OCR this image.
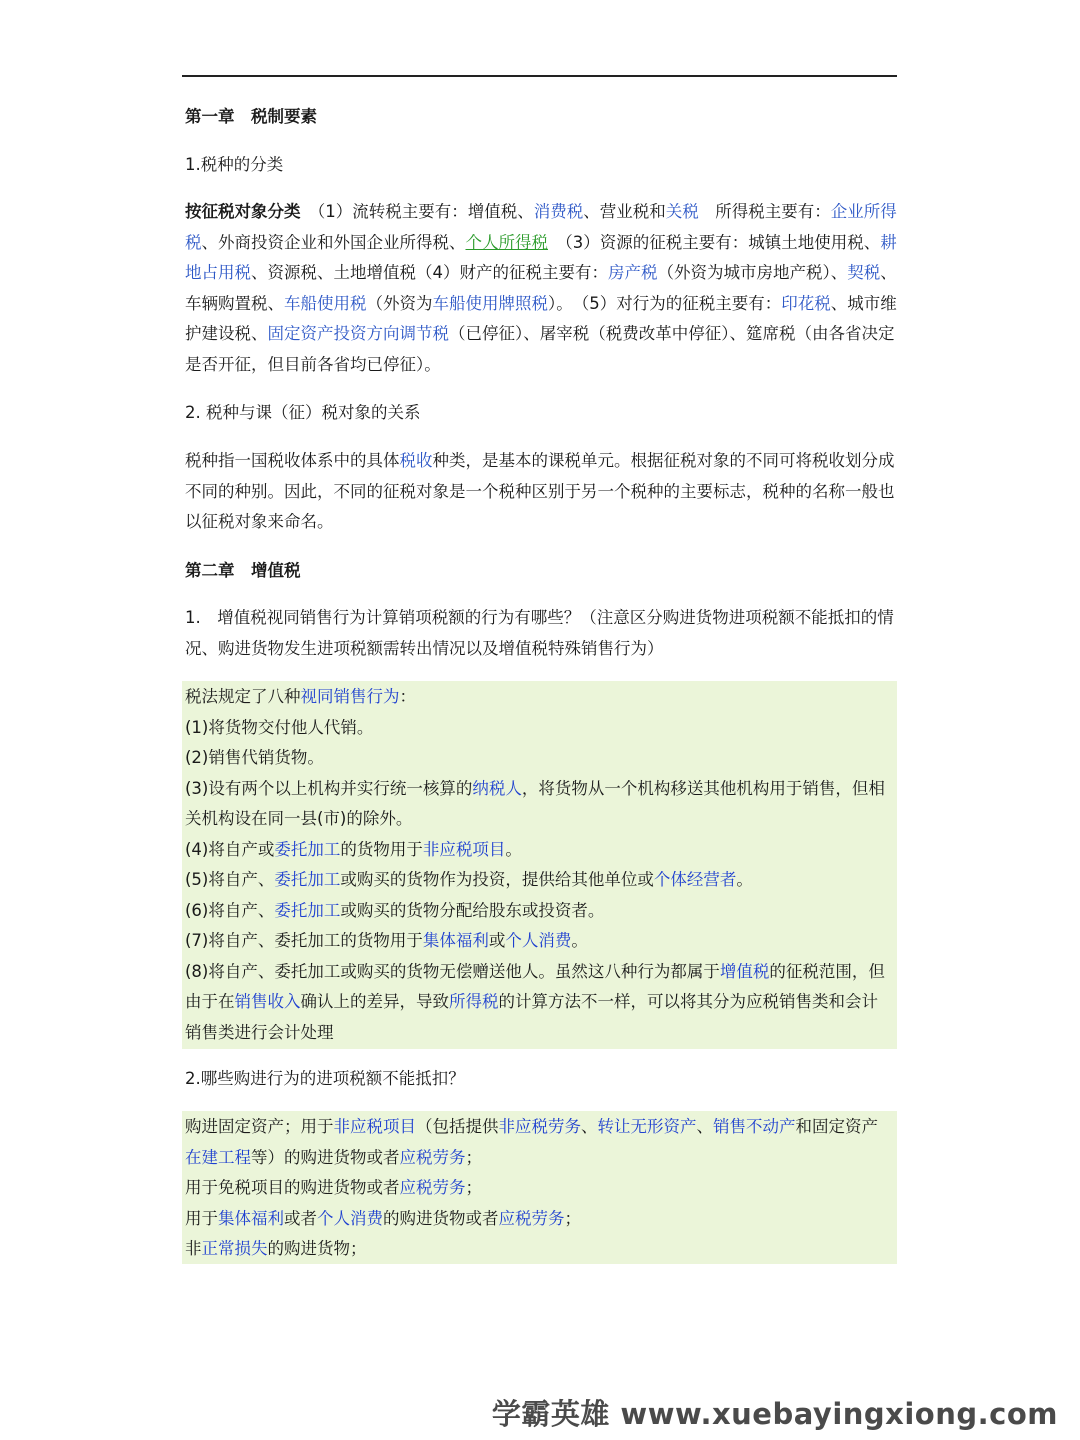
第一章　税制要素
1.税种的分类
按征税对象分类　（1）流转税主要有：增值税、消费税、营业税和关税　所得税主要有：企业所得税、外商投资企业和外国企业所得税、个人所得税　（3）资源的征税主要有：城镇土地使用税、耕地占用税、资源税、土地增值税（4）财产的征税主要有：房产税（外资为城市房地产税）、契税、车辆购置税、车船使用税（外资为车船使用牌照税）。　（5）对行为的征税主要有：印花税、城市维护建设税、固定资产投资方向调节税（已停征）、屠宰税（税费改革中停征）、筵席税（由各省决定是否开征，但目前各省均已停征）。
2. 税种与课（征）税对象的关系
税种指一国税收体系中的具体税收种类，是基本的课税单元。根据征税对象的不同可将税收划分成不同的种别。因此，不同的征税对象是一个税种区别于另一个税种的主要标志，税种的名称一般也以征税对象来命名。
第二章　增值税
1.　增值税视同销售行为计算销项税额的行为有哪些？（注意区分购进货物进项税额不能抵扣的情况、购进货物发生进项税额需转出情况以及增值税特殊销售行为）
税法规定了八种视同销售行为：
(1)将货物交付他人代销。
(2)销售代销货物。
(3)设有两个以上机构并实行统一核算的纳税人，将货物从一个机构移送其他机构用于销售，但相关机构设在同一县(市)的除外。
(4)将自产或委托加工的货物用于非应税项目。
(5)将自产、委托加工或购买的货物作为投资，提供给其他单位或个体经营者。
(6)将自产、委托加工或购买的货物分配给股东或投资者。
(7)将自产、委托加工的货物用于集体福利或个人消费。
(8)将自产、委托加工或购买的货物无偿赠送他人。虽然这八种行为都属于增值税的征税范围，但由于在销售收入确认上的差异，导致所得税的计算方法不一样，可以将其分为应税销售类和会计销售类进行会计处理
2.哪些购进行为的进项税额不能抵扣？
购进固定资产；用于非应税项目（包括提供非应税劳务、转让无形资产、销售不动产和固定资产在建工程等）的购进货物或者应税劳务；
用于免税项目的购进货物或者应税劳务；
用于集体福利或者个人消费的购进货物或者应税劳务；
非正常损失的购进货物；
学霸英雄 www.xuebayingxiong.com
